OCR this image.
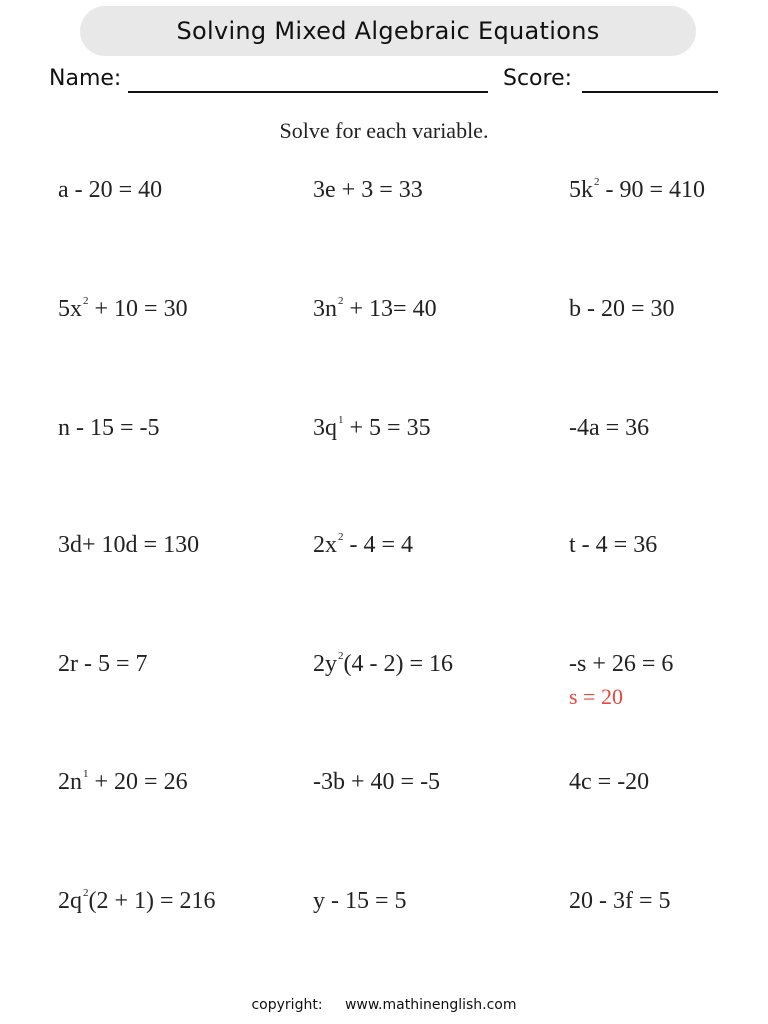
Solving Mixed Algebraic Equations
Name:	Score:
Solve for each variable.
a - 20 = 40	3e + 3 = 33	$5k^2 - 90 = 410$
$5x^2 + 10 = 30$	$3n^2 + 13= 40$	b - 20 = 30
n - 15 = -5	$3q^1 + 5 = 35$	-4a = 36
3d+ 10d = 130	$2x^2 - 4 = 4$	t - 4 = 36
2r - 5 = 7	$2y^2(4 - 2) = 16$	-s + 26 = 6
$2n^1 + 20 = 26$	-3b + 40 = -5	4c = -20
$2q^2(2 + 1) = 216$	y - 15 = 5	20 - 3f = 5
s = 20
copyright: www.mathinenglish.com
